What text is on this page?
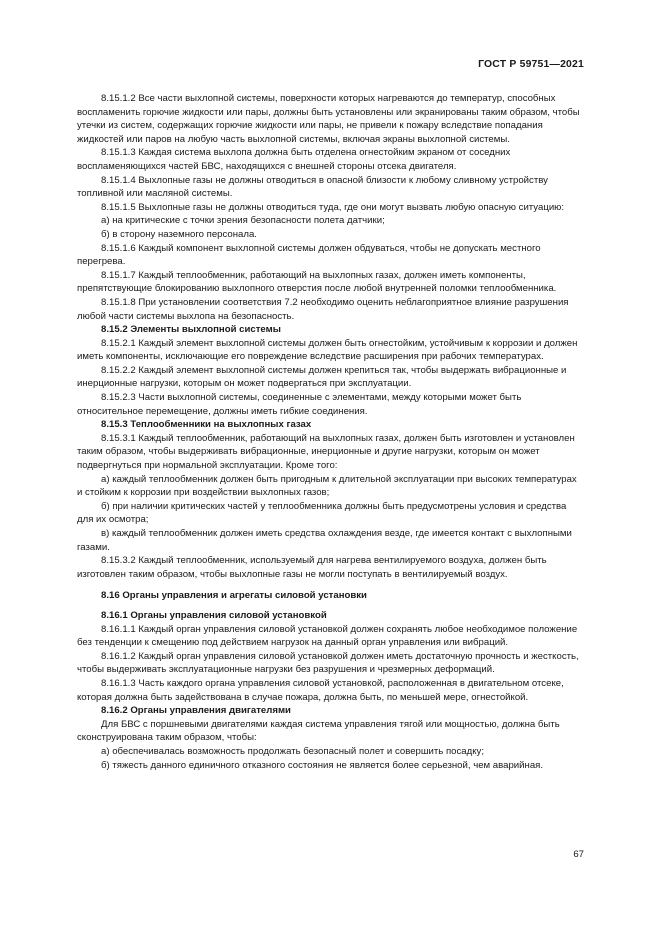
ГОСТ Р 59751—2021
8.15.1.2 Все части выхлопной системы, поверхности которых нагреваются до температур, способных воспламенить горючие жидкости или пары, должны быть установлены или экранированы таким образом, чтобы утечки из систем, содержащих горючие жидкости или пары, не привели к пожару вследствие попадания жидкостей или паров на любую часть выхлопной системы, включая экраны выхлопной системы.
8.15.1.3 Каждая система выхлопа должна быть отделена огнестойким экраном от соседних воспламеняющихся частей БВС, находящихся с внешней стороны отсека двигателя.
8.15.1.4 Выхлопные газы не должны отводиться в опасной близости к любому сливному устройству топливной или масляной системы.
8.15.1.5 Выхлопные газы не должны отводиться туда, где они могут вызвать любую опасную ситуацию:
а) на критические с точки зрения безопасности полета датчики;
б) в сторону наземного персонала.
8.15.1.6 Каждый компонент выхлопной системы должен обдуваться, чтобы не допускать местного перегрева.
8.15.1.7 Каждый теплообменник, работающий на выхлопных газах, должен иметь компоненты, препятствующие блокированию выхлопного отверстия после любой внутренней поломки теплообменника.
8.15.1.8 При установлении соответствия 7.2 необходимо оценить неблагоприятное влияние разрушения любой части системы выхлопа на безопасность.
8.15.2 Элементы выхлопной системы
8.15.2.1 Каждый элемент выхлопной системы должен быть огнестойким, устойчивым к коррозии и должен иметь компоненты, исключающие его повреждение вследствие расширения при рабочих температурах.
8.15.2.2 Каждый элемент выхлопной системы должен крепиться так, чтобы выдержать вибрационные и инерционные нагрузки, которым он может подвергаться при эксплуатации.
8.15.2.3 Части выхлопной системы, соединенные с элементами, между которыми может быть относительное перемещение, должны иметь гибкие соединения.
8.15.3 Теплообменники на выхлопных газах
8.15.3.1 Каждый теплообменник, работающий на выхлопных газах, должен быть изготовлен и установлен таким образом, чтобы выдерживать вибрационные, инерционные и другие нагрузки, которым он может подвергнуться при нормальной эксплуатации. Кроме того:
а) каждый теплообменник должен быть пригодным к длительной эксплуатации при высоких температурах и стойким к коррозии при воздействии выхлопных газов;
б) при наличии критических частей у теплообменника должны быть предусмотрены условия и средства для их осмотра;
в) каждый теплообменник должен иметь средства охлаждения везде, где имеется контакт с выхлопными газами.
8.15.3.2 Каждый теплообменник, используемый для нагрева вентилируемого воздуха, должен быть изготовлен таким образом, чтобы выхлопные газы не могли поступать в вентилируемый воздух.
8.16 Органы управления и агрегаты силовой установки
8.16.1 Органы управления силовой установкой
8.16.1.1 Каждый орган управления силовой установкой должен сохранять любое необходимое положение без тенденции к смещению под действием нагрузок на данный орган управления или вибраций.
8.16.1.2 Каждый орган управления силовой установкой должен иметь достаточную прочность и жесткость, чтобы выдерживать эксплуатационные нагрузки без разрушения и чрезмерных деформаций.
8.16.1.3 Часть каждого органа управления силовой установкой, расположенная в двигательном отсеке, которая должна быть задействована в случае пожара, должна быть, по меньшей мере, огнестойкой.
8.16.2 Органы управления двигателями
Для БВС с поршневыми двигателями каждая система управления тягой или мощностью, должна быть сконструирована таким образом, чтобы:
а) обеспечивалась возможность продолжать безопасный полет и совершить посадку;
б) тяжесть данного единичного отказного состояния не является более серьезной, чем аварийная.
67
